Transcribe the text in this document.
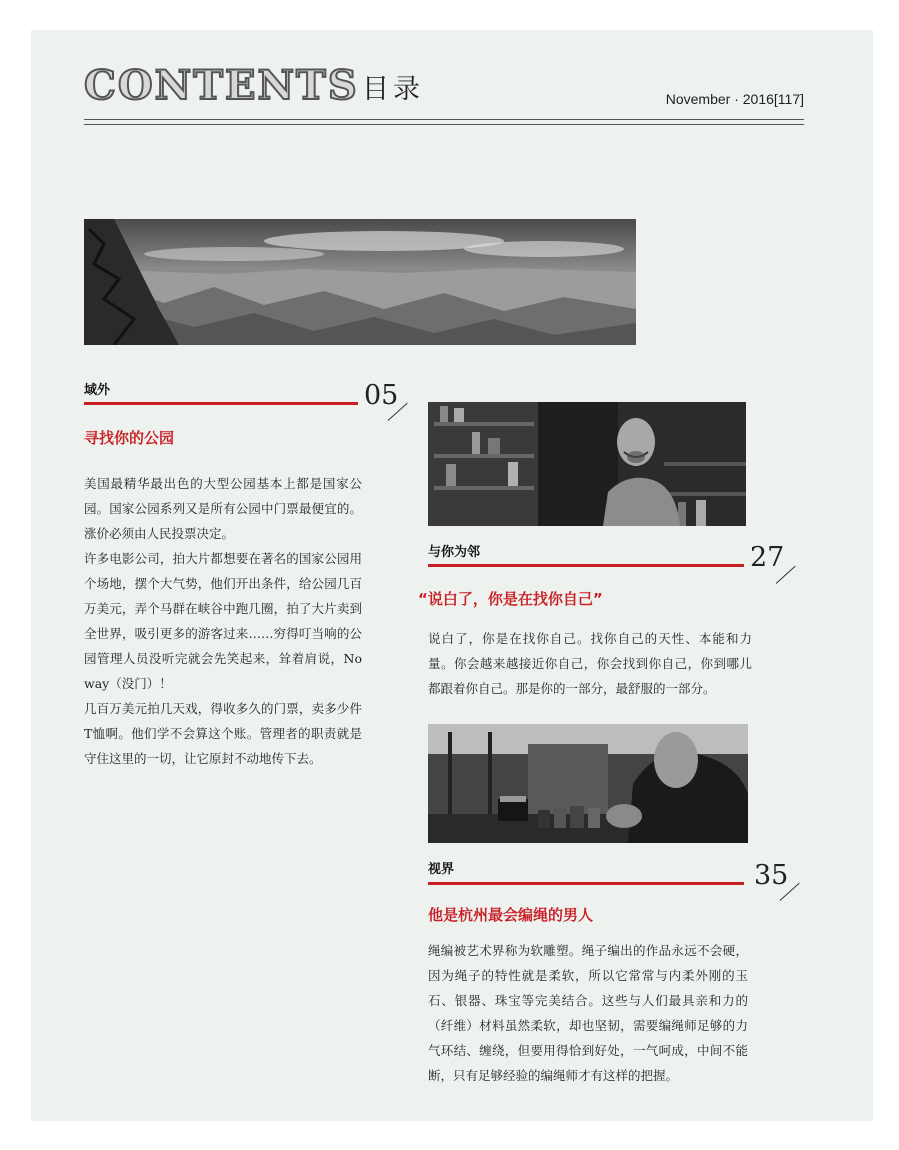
CONTENTS 目录	November · 2016[117]
域外	05
寻找你的公园

美国最精华最出色的大型公园基本上都是国家公园。国家公园系列又是所有公园中门票最便宜的。涨价必须由人民投票决定。

许多电影公司，拍大片都想要在著名的国家公园用个场地，摆个大气势，他们开出条件，给公园几百万美元，弄个马群在峡谷中跑几圈，拍了大片卖到全世界，吸引更多的游客过来……穷得叮当响的公园管理人员没听完就会先笑起来，耸着肩说，No way（没门）！

几百万美元拍几天戏，得收多久的门票，卖多少件T恤啊。他们学不会算这个账。管理者的职责就是守住这里的一切，让它原封不动地传下去。

与你为邻	27
“说白了，你是在找你自己”

说白了，你是在找你自己。找你自己的天性、本能和力量。你会越来越接近你自己，你会找到你自己，你到哪儿都跟着你自己。那是你的一部分，最舒服的一部分。

视界	35
他是杭州最会编绳的男人

绳编被艺术界称为软雕塑。绳子编出的作品永远不会硬，因为绳子的特性就是柔软，所以它常常与内柔外刚的玉石、银器、珠宝等完美结合。这些与人们最具亲和力的（纤维）材料虽然柔软，却也坚韧，需要编绳师足够的力气环结、缠绕，但要用得恰到好处，一气呵成，中间不能断，只有足够经验的编绳师才有这样的把握。
